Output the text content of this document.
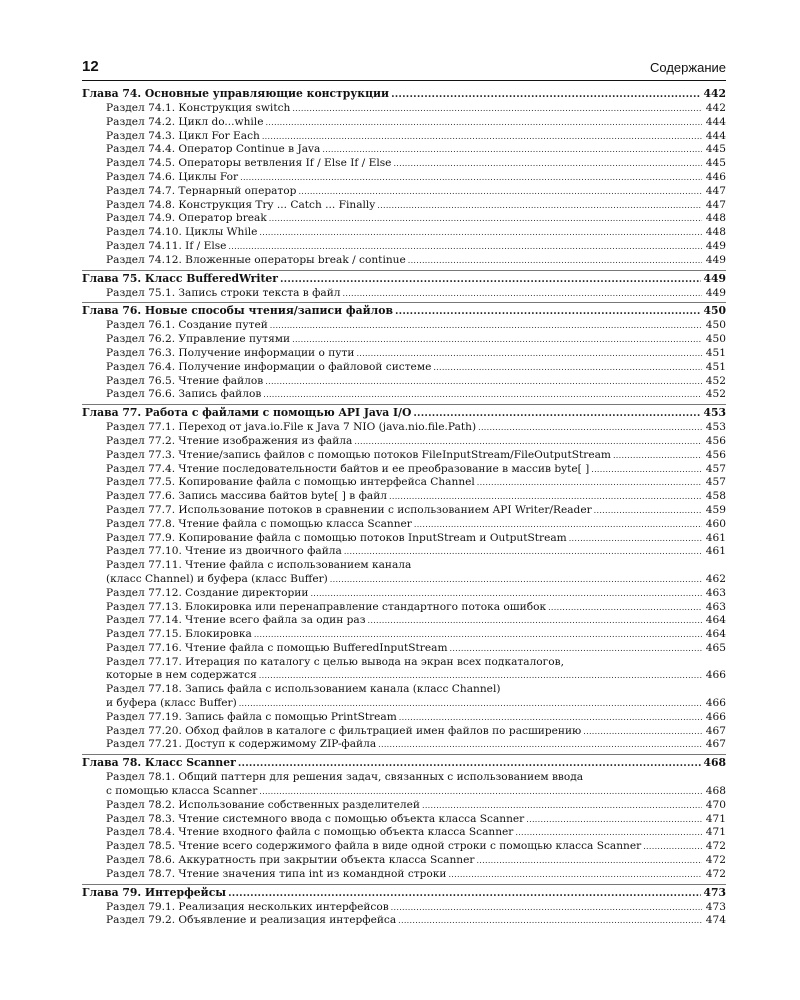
12	Содержание
Глава 74. Основные управляющие конструкции .....	442
Раздел 74.1. Конструкция switch .....	442
Раздел 74.2. Цикл do...while .....	444
Раздел 74.3. Цикл For Each .....	444
Раздел 74.4. Оператор Continue в Java .....	445
Раздел 74.5. Операторы ветвления If / Else If / Else .....	445
Раздел 74.6. Циклы For .....	446
Раздел 74.7. Тернарный оператор .....	447
Раздел 74.8. Конструкция Try ... Catch ... Finally .....	447
Раздел 74.9. Оператор break .....	448
Раздел 74.10. Циклы While .....	448
Раздел 74.11. If / Else .....	449
Раздел 74.12. Вложенные операторы break / continue .....	449
Глава 75. Класс BufferedWriter .....	449
Раздел 75.1. Запись строки текста в файл .....	449
Глава 76. Новые способы чтения/записи файлов .....	450
Раздел 76.1. Создание путей .....	450
Раздел 76.2. Управление путями .....	450
Раздел 76.3. Получение информации о пути .....	451
Раздел 76.4. Получение информации о файловой системе .....	451
Раздел 76.5. Чтение файлов .....	452
Раздел 76.6. Запись файлов .....	452
Глава 77. Работа с файлами с помощью API Java I/O .....	453
Раздел 77.1. Переход от java.io.File к Java 7 NIO (java.nio.file.Path) .....	453
Раздел 77.2. Чтение изображения из файла .....	456
Раздел 77.3. Чтение/запись файлов с помощью потоков FileInputStream/FileOutputStream .....	456
Раздел 77.4. Чтение последовательности байтов и ее преобразование в массив byte[ ] .....	457
Раздел 77.5. Копирование файла с помощью интерфейса Channel .....	457
Раздел 77.6. Запись массива байтов byte[ ] в файл .....	458
Раздел 77.7. Использование потоков в сравнении с использованием API Writer/Reader .....	459
Раздел 77.8. Чтение файла с помощью класса Scanner .....	460
Раздел 77.9. Копирование файла с помощью потоков InputStream и OutputStream .....	461
Раздел 77.10. Чтение из двоичного файла .....	461
Раздел 77.11. Чтение файла с использованием канала
(класс Channel) и буфера (класс Buffer) .....	462
Раздел 77.12. Создание директории .....	463
Раздел 77.13. Блокировка или перенаправление стандартного потока ошибок .....	463
Раздел 77.14. Чтение всего файла за один раз .....	464
Раздел 77.15. Блокировка .....	464
Раздел 77.16. Чтение файла с помощью BufferedInputStream .....	465
Раздел 77.17. Итерация по каталогу с целью вывода на экран всех подкаталогов,
которые в нем содержатся .....	466
Раздел 77.18. Запись файла с использованием канала (класс Channel)
и буфера (класс Buffer) .....	466
Раздел 77.19. Запись файла с помощью PrintStream .....	466
Раздел 77.20. Обход файлов в каталоге с фильтрацией имен файлов по расширению .....	467
Раздел 77.21. Доступ к содержимому ZIP-файла .....	467
Глава 78. Класс Scanner .....	468
Раздел 78.1. Общий паттерн для решения задач, связанных с использованием ввода
с помощью класса Scanner .....	468
Раздел 78.2. Использование собственных разделителей .....	470
Раздел 78.3. Чтение системного ввода с помощью объекта класса Scanner .....	471
Раздел 78.4. Чтение входного файла с помощью объекта класса Scanner .....	471
Раздел 78.5. Чтение всего содержимого файла в виде одной строки с помощью класса Scanner .....	472
Раздел 78.6. Аккуратность при закрытии объекта класса Scanner .....	472
Раздел 78.7. Чтение значения типа int из командной строки .....	472
Глава 79. Интерфейсы .....	473
Раздел 79.1. Реализация нескольких интерфейсов .....	473
Раздел 79.2. Объявление и реализация интерфейса .....	474
